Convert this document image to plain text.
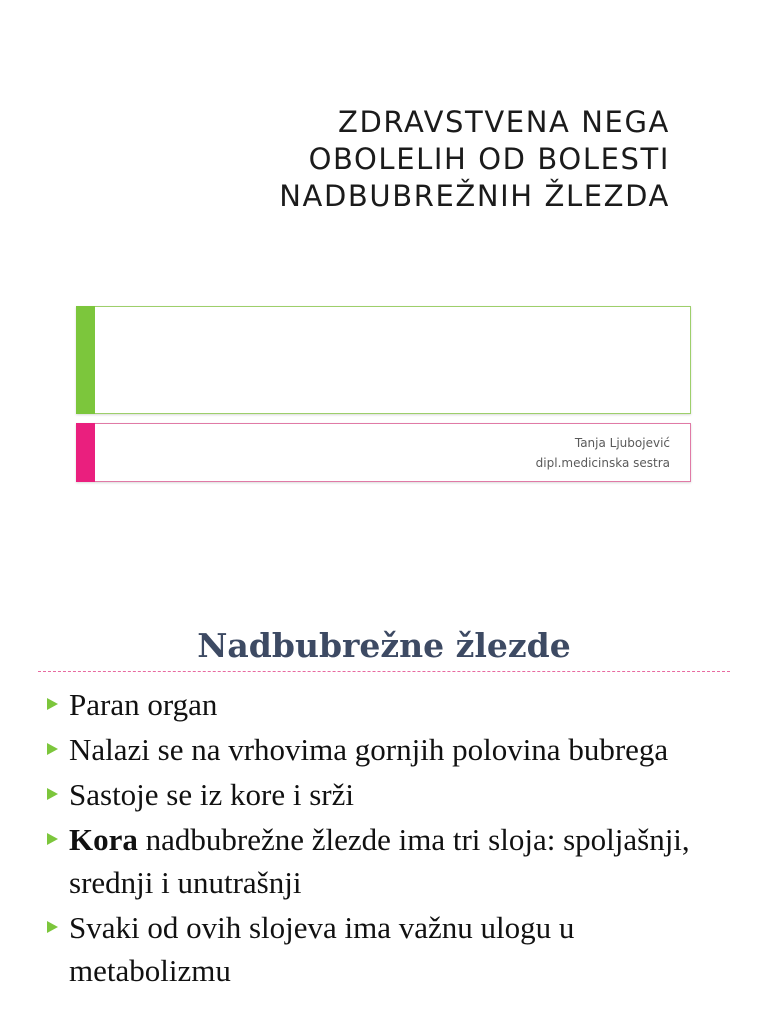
ZDRAVSTVENA NEGA
OBOLELIH OD BOLESTI
NADBUBREŽNIH ŽLEZDA
Tanja Ljubojević
dipl.medicinska sestra
Nadbubrežne žlezde
Paran organ
Nalazi se na vrhovima gornjih polovina bubrega
Sastoje se iz kore i srži
Kora nadbubrežne žlezde ima tri sloja: spoljašnji, srednji i unutrašnji
Svaki od ovih slojeva ima važnu ulogu u metabolizmu
